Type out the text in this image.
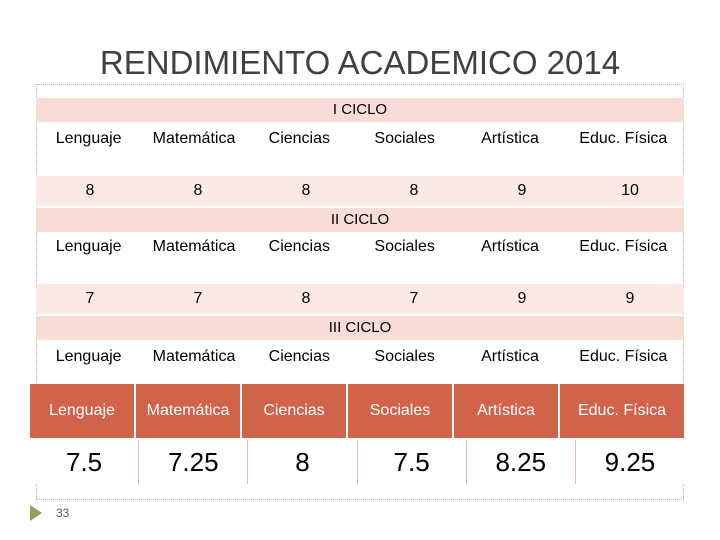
RENDIMIENTO ACADEMICO 2014
I CICLO
Lenguaje	Matemática	Ciencias	Sociales	Artística	Educ. Física
8	8	8	8	9	10
II CICLO
Lenguaje	Matemática	Ciencias	Sociales	Artística	Educ. Física
7	7	8	7	9	9
III CICLO
Lenguaje	Matemática	Ciencias	Sociales	Artística	Educ. Física
Lenguaje	Matemática	Ciencias	Sociales	Artística	Educ. Física
7.5	7.25	8	7.5	8.25	9.25
33
